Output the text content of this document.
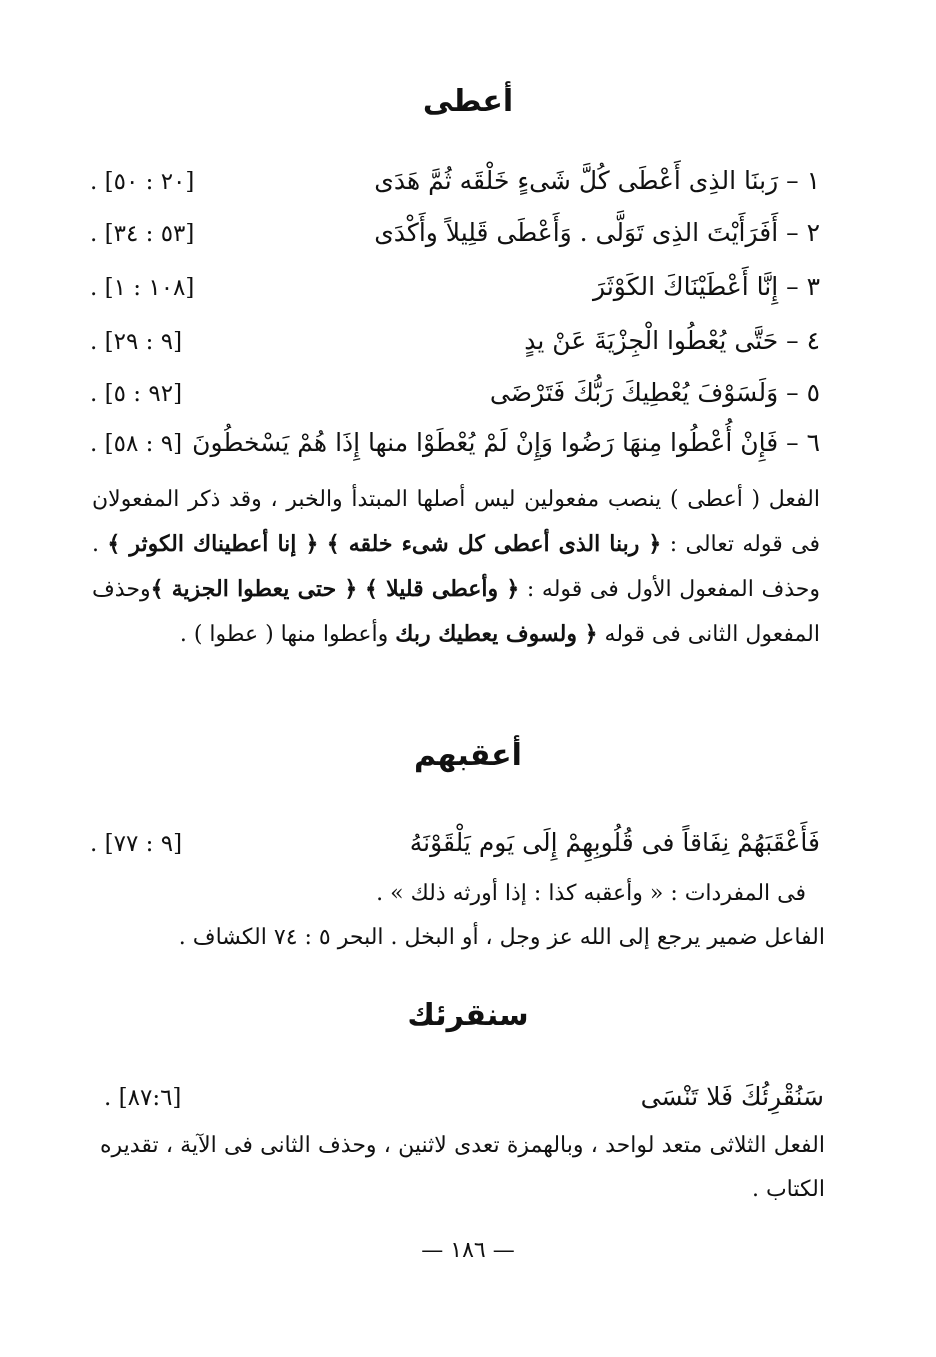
أعطى
١ – رَبنَا الذِى أَعْطَى كُلَّ شَىءٍ خَلْقَه ثُمَّ هَدَى
[٢٠ : ٥٠] .
٢ – أَفَرَأَيْتَ الذِى تَوَلَّى . وَأَعْطَى قَلِيلاً وأَكْدَى
[٥٣ : ٣٤] .
٣ – إِنَّا أَعْطَيْنَاكَ الكَوْثَرَ
[١٠٨ : ١] .
٤ – حَتَّى يُعْطُوا الْجِزْيَةَ عَنْ يدٍ
[٩ : ٢٩] .
٥ – وَلَسَوْفَ يُعْطِيكَ رَبُّكَ فَتَرْضَى
[٩٢ : ٥] .
٦ – فَإِنْ أُعْطُوا مِنهَا رَضُوا وَإِنْ لَمْ يُعْطَوْا منها إِذَا هُمْ يَسْخطُونَ
[٩ : ٥٨] .
الفعل ( أعطى ) ينصب مفعولين ليس أصلها المبتدأ والخبر ، وقد ذكر المفعولان فى قوله تعالى : ﴿ ربنا الذى أعطى كل شىء خلقه ﴾ ﴿ إنا أعطيناك الكوثر ﴾ . وحذف المفعول الأول فى قوله : ﴿ وأعطى قليلا ﴾ ﴿ حتى يعطوا الجزية ﴾وحذف المفعول الثانى فى قوله ﴿ ولسوف يعطيك ربك وأعطوا منها ( عطوا ) .
أعقبهم
فَأَعْقَبَهُمْ نِفَاقاً فى قُلُوبِهِمْ إِلَى يَوم يَلْقَوْنَهُ
[٩ : ٧٧] .
فى المفردات : « وأعقبه كذا : إذا أورثه ذلك » .
الفاعل ضمير يرجع إلى الله عز وجل ، أو البخل . البحر ٥ : ٧٤ الكشاف .
سنقرئك
سَنُقْرِئُكَ فَلا تَنْسَى
[٨٧:٦] .
الفعل الثلاثى متعد لواحد ، وبالهمزة تعدى لاثنين ، وحذف الثانى فى الآية ، تقديره الكتاب .
— ١٨٦ —
